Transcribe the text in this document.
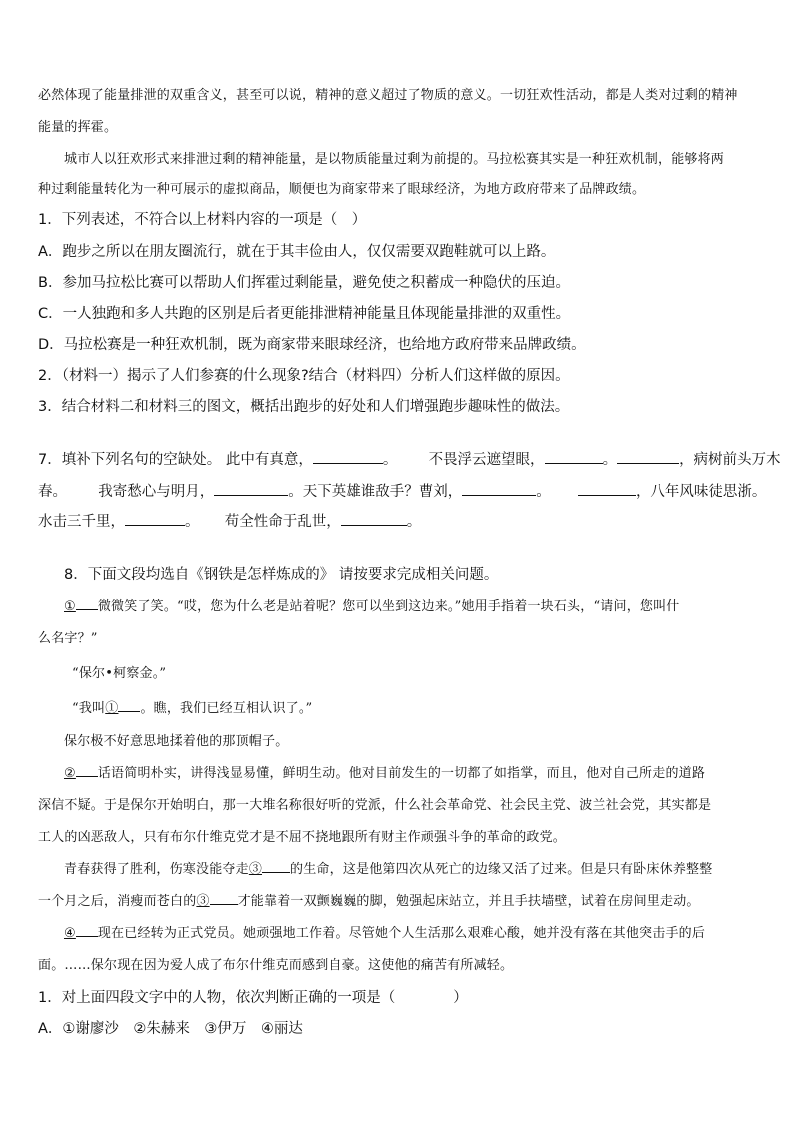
必然体现了能量排泄的双重含义，甚至可以说，精神的意义超过了物质的意义。一切狂欢性活动，都是人类对过剩的精神
能量的挥霍。
城市人以狂欢形式来排泄过剩的精神能量，是以物质能量过剩为前提的。马拉松赛其实是一种狂欢机制，能够将两
种过剩能量转化为一种可展示的虚拟商品，顺便也为商家带来了眼球经济，为地方政府带来了品牌政绩。
1．下列表述，不符合以上材料内容的一项是（　）
A．跑步之所以在朋友圈流行，就在于其丰俭由人，仅仅需要双跑鞋就可以上路。
B．参加马拉松比赛可以帮助人们挥霍过剩能量，避免使之积蓄成一种隐伏的压迫。
C．一人独跑和多人共跑的区别是后者更能排泄精神能量且体现能量排泄的双重性。
D．马拉松赛是一种狂欢机制，既为商家带来眼球经济，也给地方政府带来品牌政绩。
2．（材料一）揭示了人们参赛的什么现象?结合（材料四）分析人们这样做的原因。
3．结合材料二和材料三的图文，概括出跑步的好处和人们增强跑步趣味性的做法。
7．填补下列名句的空缺处。 此中有真意，	。 不畏浮云遮望眼，	。	，病树前头万木
春。 我寄愁心与明月，	。天下英雄谁敌手？曹刘，	。	，八年风味徒思浙。
水击三千里，	。 苟全性命于乱世，	。
8．下面文段均选自《钢铁是怎样炼成的》 请按要求完成相关问题。
① 微微笑了笑。“哎，您为什么老是站着呢？您可以坐到这边来。”她用手指着一块石头，“请问，您叫什
么名字？”
“保尔•柯察金。”
“我叫① 。瞧，我们已经互相认识了。”
保尔极不好意思地揉着他的那顶帽子。
② 话语简明朴实，讲得浅显易懂，鲜明生动。他对目前发生的一切都了如指掌，而且，他对自己所走的道路
深信不疑。于是保尔开始明白，那一大堆名称很好听的党派，什么社会革命党、社会民主党、波兰社会党，其实都是
工人的凶恶敌人，只有布尔什维克党才是不屈不挠地跟所有财主作顽强斗争的革命的政党。
青春获得了胜利，伤寒没能夺走③ 的生命，这是他第四次从死亡的边缘又活了过来。但是只有卧床休养整整
一个月之后，消瘦而苍白的③ 才能靠着一双颤巍巍的脚，勉强起床站立，并且手扶墙壁，试着在房间里走动。
④ 现在已经转为正式党员。她顽强地工作着。尽管她个人生活那么艰难心酸，她并没有落在其他突击手的后
面。……保尔现在因为爱人成了布尔什维克而感到自豪。这使他的痛苦有所减轻。
1．对上面四段文字中的人物，依次判断正确的一项是（　　　　）
A．①谢廖沙　②朱赫来　③伊万　④丽达
